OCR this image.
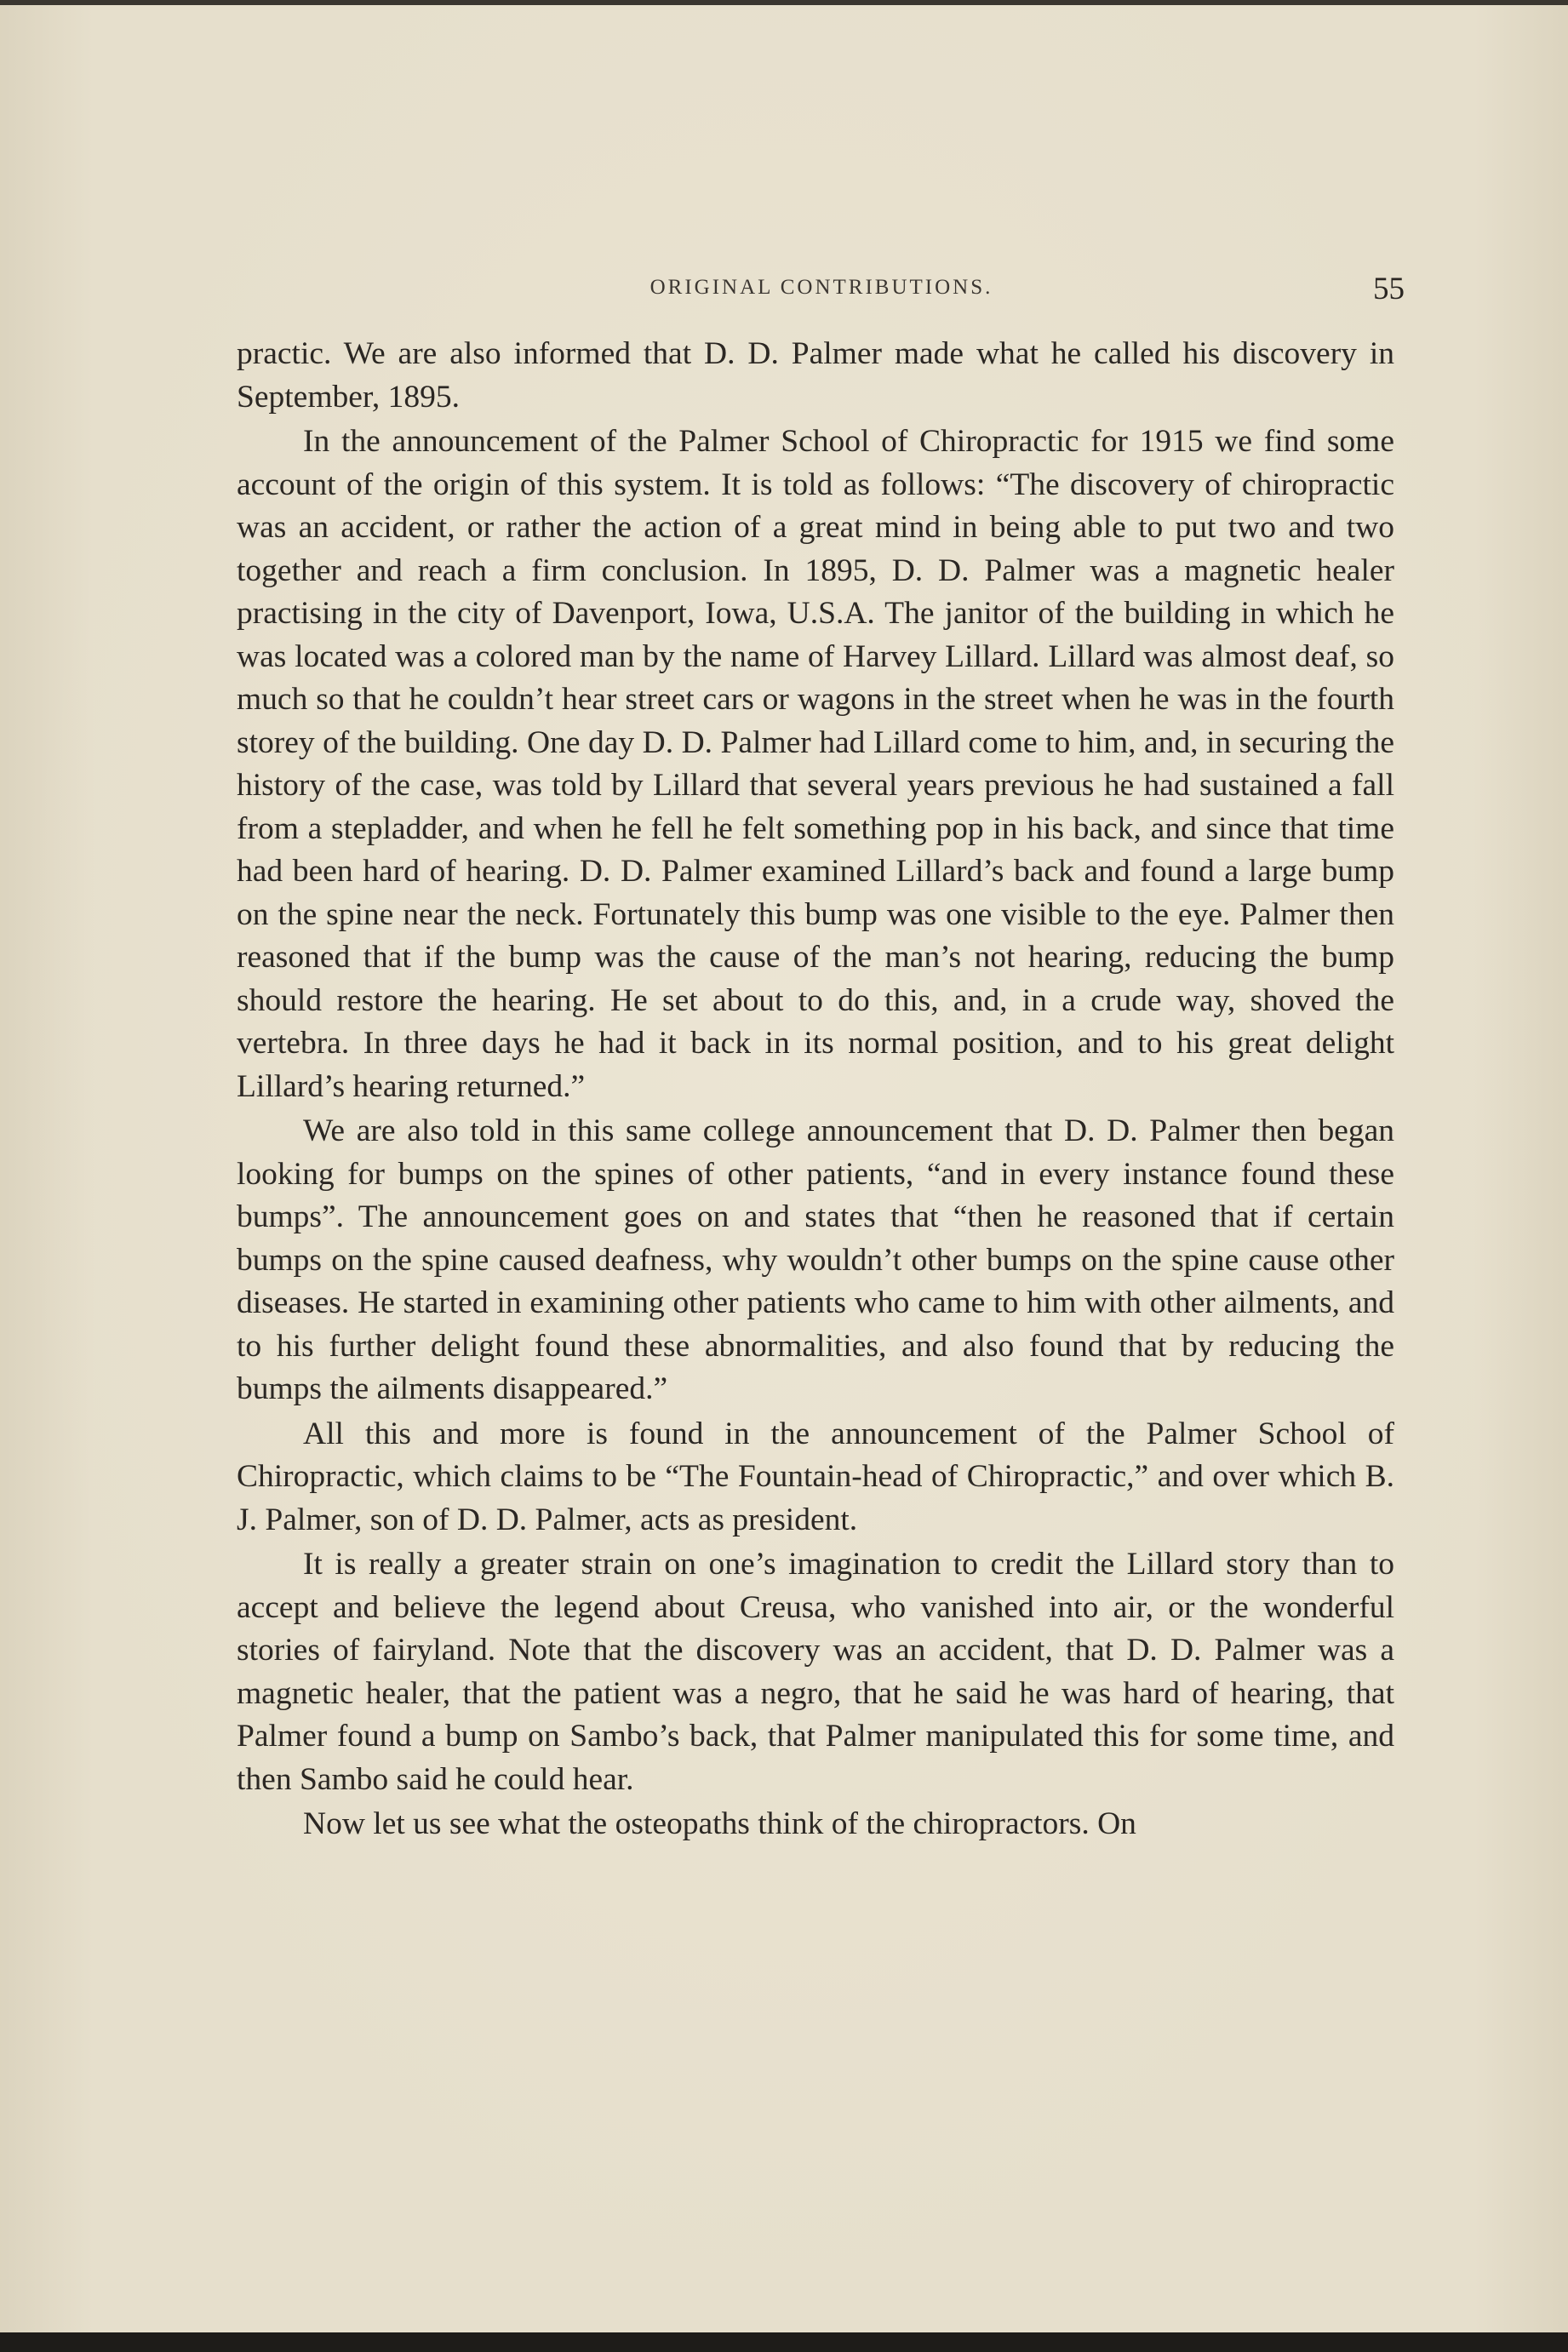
ORIGINAL CONTRIBUTIONS.	55

practic. We are also informed that D. D. Palmer made what he called his discovery in September, 1895.

In the announcement of the Palmer School of Chiropractic for 1915 we find some account of the origin of this system. It is told as follows: “The discovery of chiropractic was an accident, or rather the action of a great mind in being able to put two and two together and reach a firm conclusion. In 1895, D. D. Palmer was a magnetic healer practising in the city of Davenport, Iowa, U.S.A. The janitor of the building in which he was located was a colored man by the name of Harvey Lillard. Lillard was almost deaf, so much so that he couldn’t hear street cars or wagons in the street when he was in the fourth storey of the building. One day D. D. Palmer had Lillard come to him, and, in securing the history of the case, was told by Lillard that several years previous he had sustained a fall from a stepladder, and when he fell he felt something pop in his back, and since that time had been hard of hearing. D. D. Palmer examined Lillard’s back and found a large bump on the spine near the neck. Fortunately this bump was one visible to the eye. Palmer then reasoned that if the bump was the cause of the man’s not hearing, reducing the bump should restore the hearing. He set about to do this, and, in a crude way, shoved the vertebra. In three days he had it back in its normal position, and to his great delight Lillard’s hearing returned.”

We are also told in this same college announcement that D. D. Palmer then began looking for bumps on the spines of other patients, “and in every instance found these bumps”. The announcement goes on and states that “then he reasoned that if certain bumps on the spine caused deafness, why wouldn’t other bumps on the spine cause other diseases. He started in examining other patients who came to him with other ailments, and to his further delight found these abnormalities, and also found that by reducing the bumps the ailments disappeared.”

All this and more is found in the announcement of the Palmer School of Chiropractic, which claims to be “The Fountain-head of Chiropractic,” and over which B. J. Palmer, son of D. D. Palmer, acts as president.

It is really a greater strain on one’s imagination to credit the Lillard story than to accept and believe the legend about Creusa, who vanished into air, or the wonderful stories of fairyland. Note that the discovery was an accident, that D. D. Palmer was a magnetic healer, that the patient was a negro, that he said he was hard of hearing, that Palmer found a bump on Sambo’s back, that Palmer manipulated this for some time, and then Sambo said he could hear.

Now let us see what the osteopaths think of the chiropractors. On
